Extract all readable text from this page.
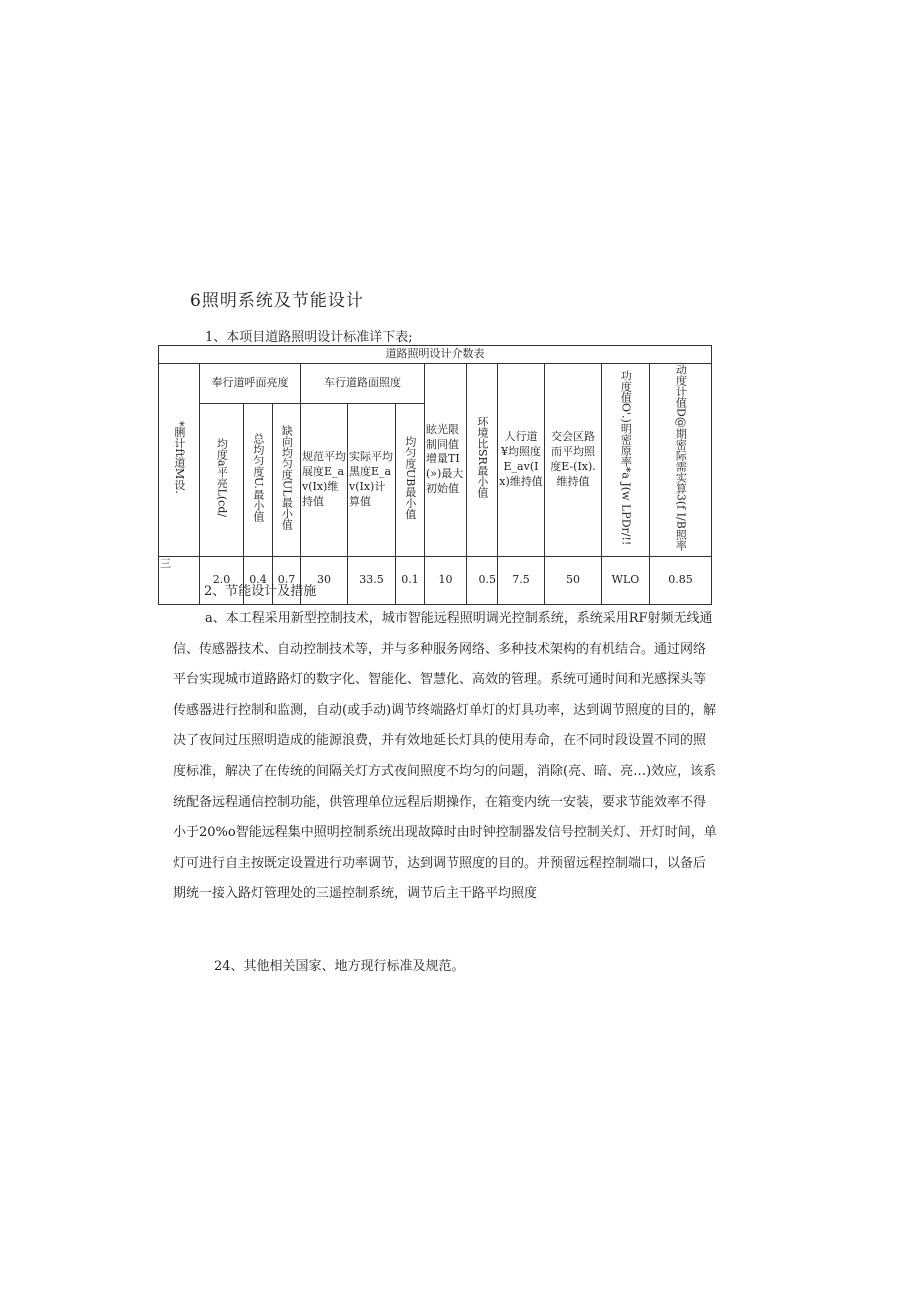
6照明系统及节能设计
1、本项目道路照明设计标准详下表;
道路照明设计介数表												
*脷计ft道M设.	奉行道呼面亮度			车行道路面照度			眩光限制同值增量TI(»)最大初始值	环境比SR最小值	人行道¥均照度E_av(Ix)维持值	交会区路而平均照度E-(Ix).维持值	功度值O'.)明密原率*a J(w LPDr/!!	动度计值D@期密际需实算3(f I/B照率
	均度a平亮L(cd/	总均匀度U.最小值	缺向均匀度UL最小值	规范平均展度E_av(Ix)维持值	实际平均黑度E_av(Ix)计算值	均匀度UB最小值						
三	2.0	0.4	0.7	30	33.5	0.1	10	0.5	7.5	50	WLO	0.85
2、节能设计及措施
a、本工程采用新型控制技术，城市智能远程照明调光控制系统，系统采用RF射频无线通信、传感器技术、自动控制技术等，并与多种服务网络、多种技术架构的有机结合。通过网络平台实现城市道路路灯的数字化、智能化、智慧化、高效的管理。系统可通时间和光感探头等传感器进行控制和监测，自动(或手动)调节终端路灯单灯的灯具功率，达到调节照度的目的，解决了夜间过压照明造成的能源浪费，并有效地延长灯具的使用寿命，在不同时段设置不同的照度标准，解决了在传统的间隔关灯方式夜间照度不均匀的问题，消除(亮、暗、亮…)效应，该系统配备远程通信控制功能，供管理单位远程后期操作，在箱变内统一安装，要求节能效率不得小于20%o智能远程集中照明控制系统出现故障时由时钟控制器发信号控制关灯、开灯时间，单灯可进行自主按既定设置进行功率调节，达到调节照度的目的。并预留远程控制端口，以备后期统一接入路灯管理处的三遥控制系统，调节后主干路平均照度
24、其他相关国家、地方现行标准及规范。
